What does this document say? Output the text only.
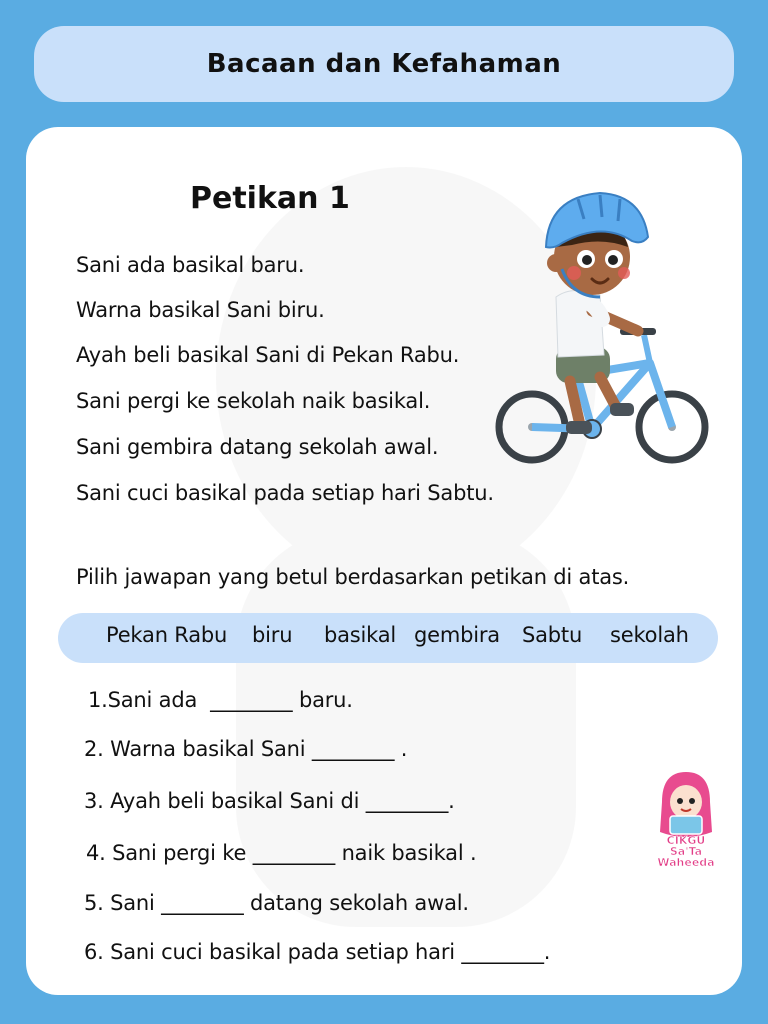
Bacaan dan Kefahaman
Petikan 1
Sani ada basikal baru.
Warna basikal Sani biru.
Ayah beli basikal Sani di Pekan Rabu.
Sani pergi ke sekolah naik basikal.
Sani gembira datang sekolah awal.
Sani cuci basikal pada setiap hari Sabtu.
Pilih jawapan yang betul berdasarkan petikan di atas.
Pekan Rabu biru basikal gembira Sabtu sekolah
1.Sani ada  ________ baru.
2. Warna basikal Sani ________ .
3. Ayah beli basikal Sani di ________.
4. Sani pergi ke ________ naik basikal .
5. Sani ________ datang sekolah awal.
6. Sani cuci basikal pada setiap hari ________.
CIKGU
Sa'Ta
Waheeda
